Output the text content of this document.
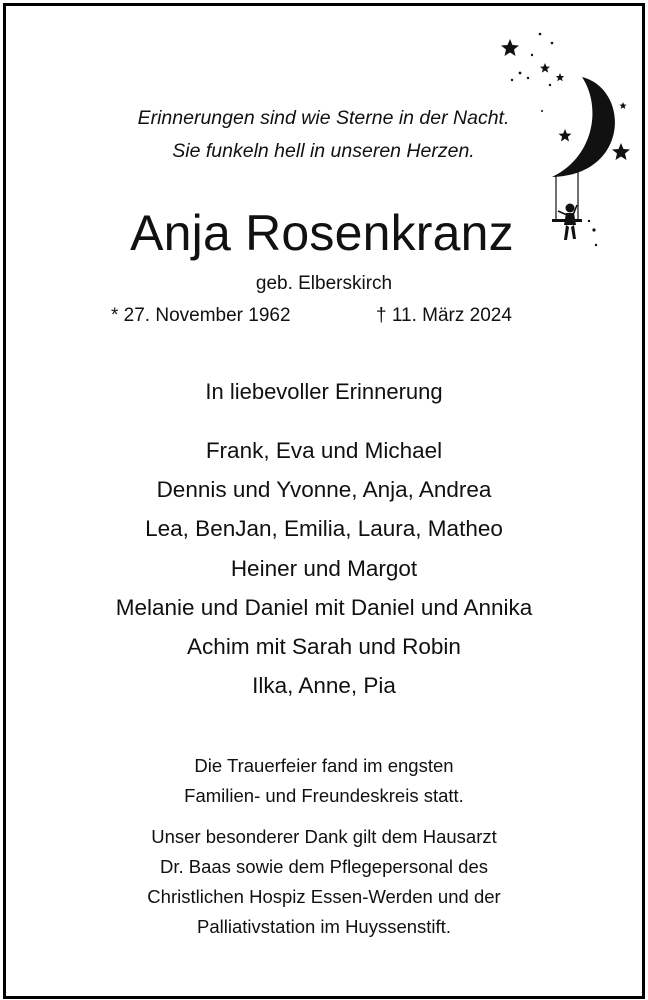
Erinnerungen sind wie Sterne in der Nacht.
Sie funkeln hell in unseren Herzen.
Anja Rosenkranz
geb. Elberskirch
* 27. November 1962	† 11. März 2024
In liebevoller Erinnerung
Frank, Eva und Michael
Dennis und Yvonne, Anja, Andrea
Lea, BenJan, Emilia, Laura, Matheo
Heiner und Margot
Melanie und Daniel mit Daniel und Annika
Achim mit Sarah und Robin
Ilka, Anne, Pia
Die Trauerfeier fand im engsten
Familien- und Freundeskreis statt.
Unser besonderer Dank gilt dem Hausarzt
Dr. Baas sowie dem Pflegepersonal des
Christlichen Hospiz Essen-Werden und der
Palliativstation im Huyssenstift.
